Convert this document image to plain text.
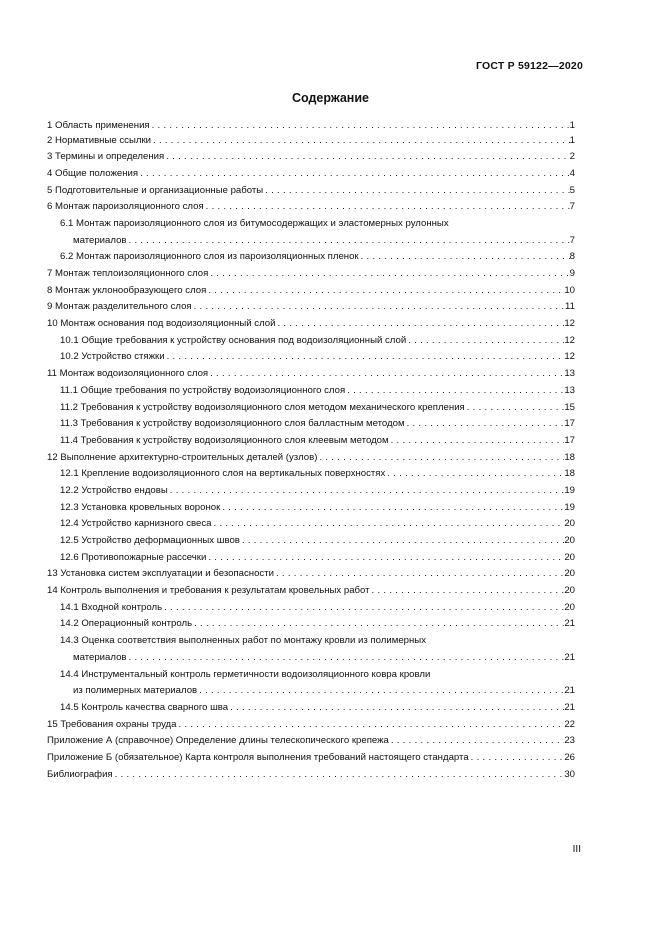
ГОСТ Р 59122—2020
Содержание
1 Область применения . . .	1
2 Нормативные ссылки . . .	1
3 Термины и определения . . .	2
4 Общие положения . . .	4
5 Подготовительные и организационные работы . . .	5
6 Монтаж пароизоляционного слоя . . .	7
6.1 Монтаж пароизоляционного слоя из битумосодержащих и эластомерных рулонных
материалов . . .	7
6.2 Монтаж пароизоляционного слоя из пароизоляционных пленок . . .	8
7 Монтаж теплоизоляционного слоя . . .	9
8 Монтаж уклонообразующего слоя . . .	10
9 Монтаж разделительного слоя . . .	11
10 Монтаж основания под водоизоляционный слой . . .	12
10.1 Общие требования к устройству основания под водоизоляционный слой . . .	12
10.2 Устройство стяжки . . .	12
11 Монтаж водоизоляционного слоя . . .	13
11.1 Общие требования по устройству водоизоляционного слоя . . .	13
11.2 Требования к устройству водоизоляционного слоя методом механического крепления . . .	15
11.3 Требования к устройству водоизоляционного слоя балластным методом . . .	17
11.4 Требования к устройству водоизоляционного слоя клеевым методом . . .	17
12 Выполнение архитектурно-строительных деталей (узлов) . . .	18
12.1 Крепление водоизоляционного слоя на вертикальных поверхностях . . .	18
12.2 Устройство ендовы . . .	19
12.3 Установка кровельных воронок . . .	19
12.4 Устройство карнизного свеса . . .	20
12.5 Устройство деформационных швов . . .	20
12.6 Противопожарные рассечки . . .	20
13 Установка систем эксплуатации и безопасности . . .	20
14 Контроль выполнения и требования к результатам кровельных работ . . .	20
14.1 Входной контроль . . .	20
14.2 Операционный контроль . . .	21
14.3 Оценка соответствия выполненных работ по монтажу кровли из полимерных
материалов . . .	21
14.4 Инструментальный контроль герметичности водоизоляционного ковра кровли
из полимерных материалов . . .	21
14.5 Контроль качества сварного шва . . .	21
15 Требования охраны труда . . .	22
Приложение А (справочное) Определение длины телескопического крепежа . . .	23
Приложение Б (обязательное) Карта контроля выполнения требований настоящего стандарта . . .	26
Библиография . . .	30
III
